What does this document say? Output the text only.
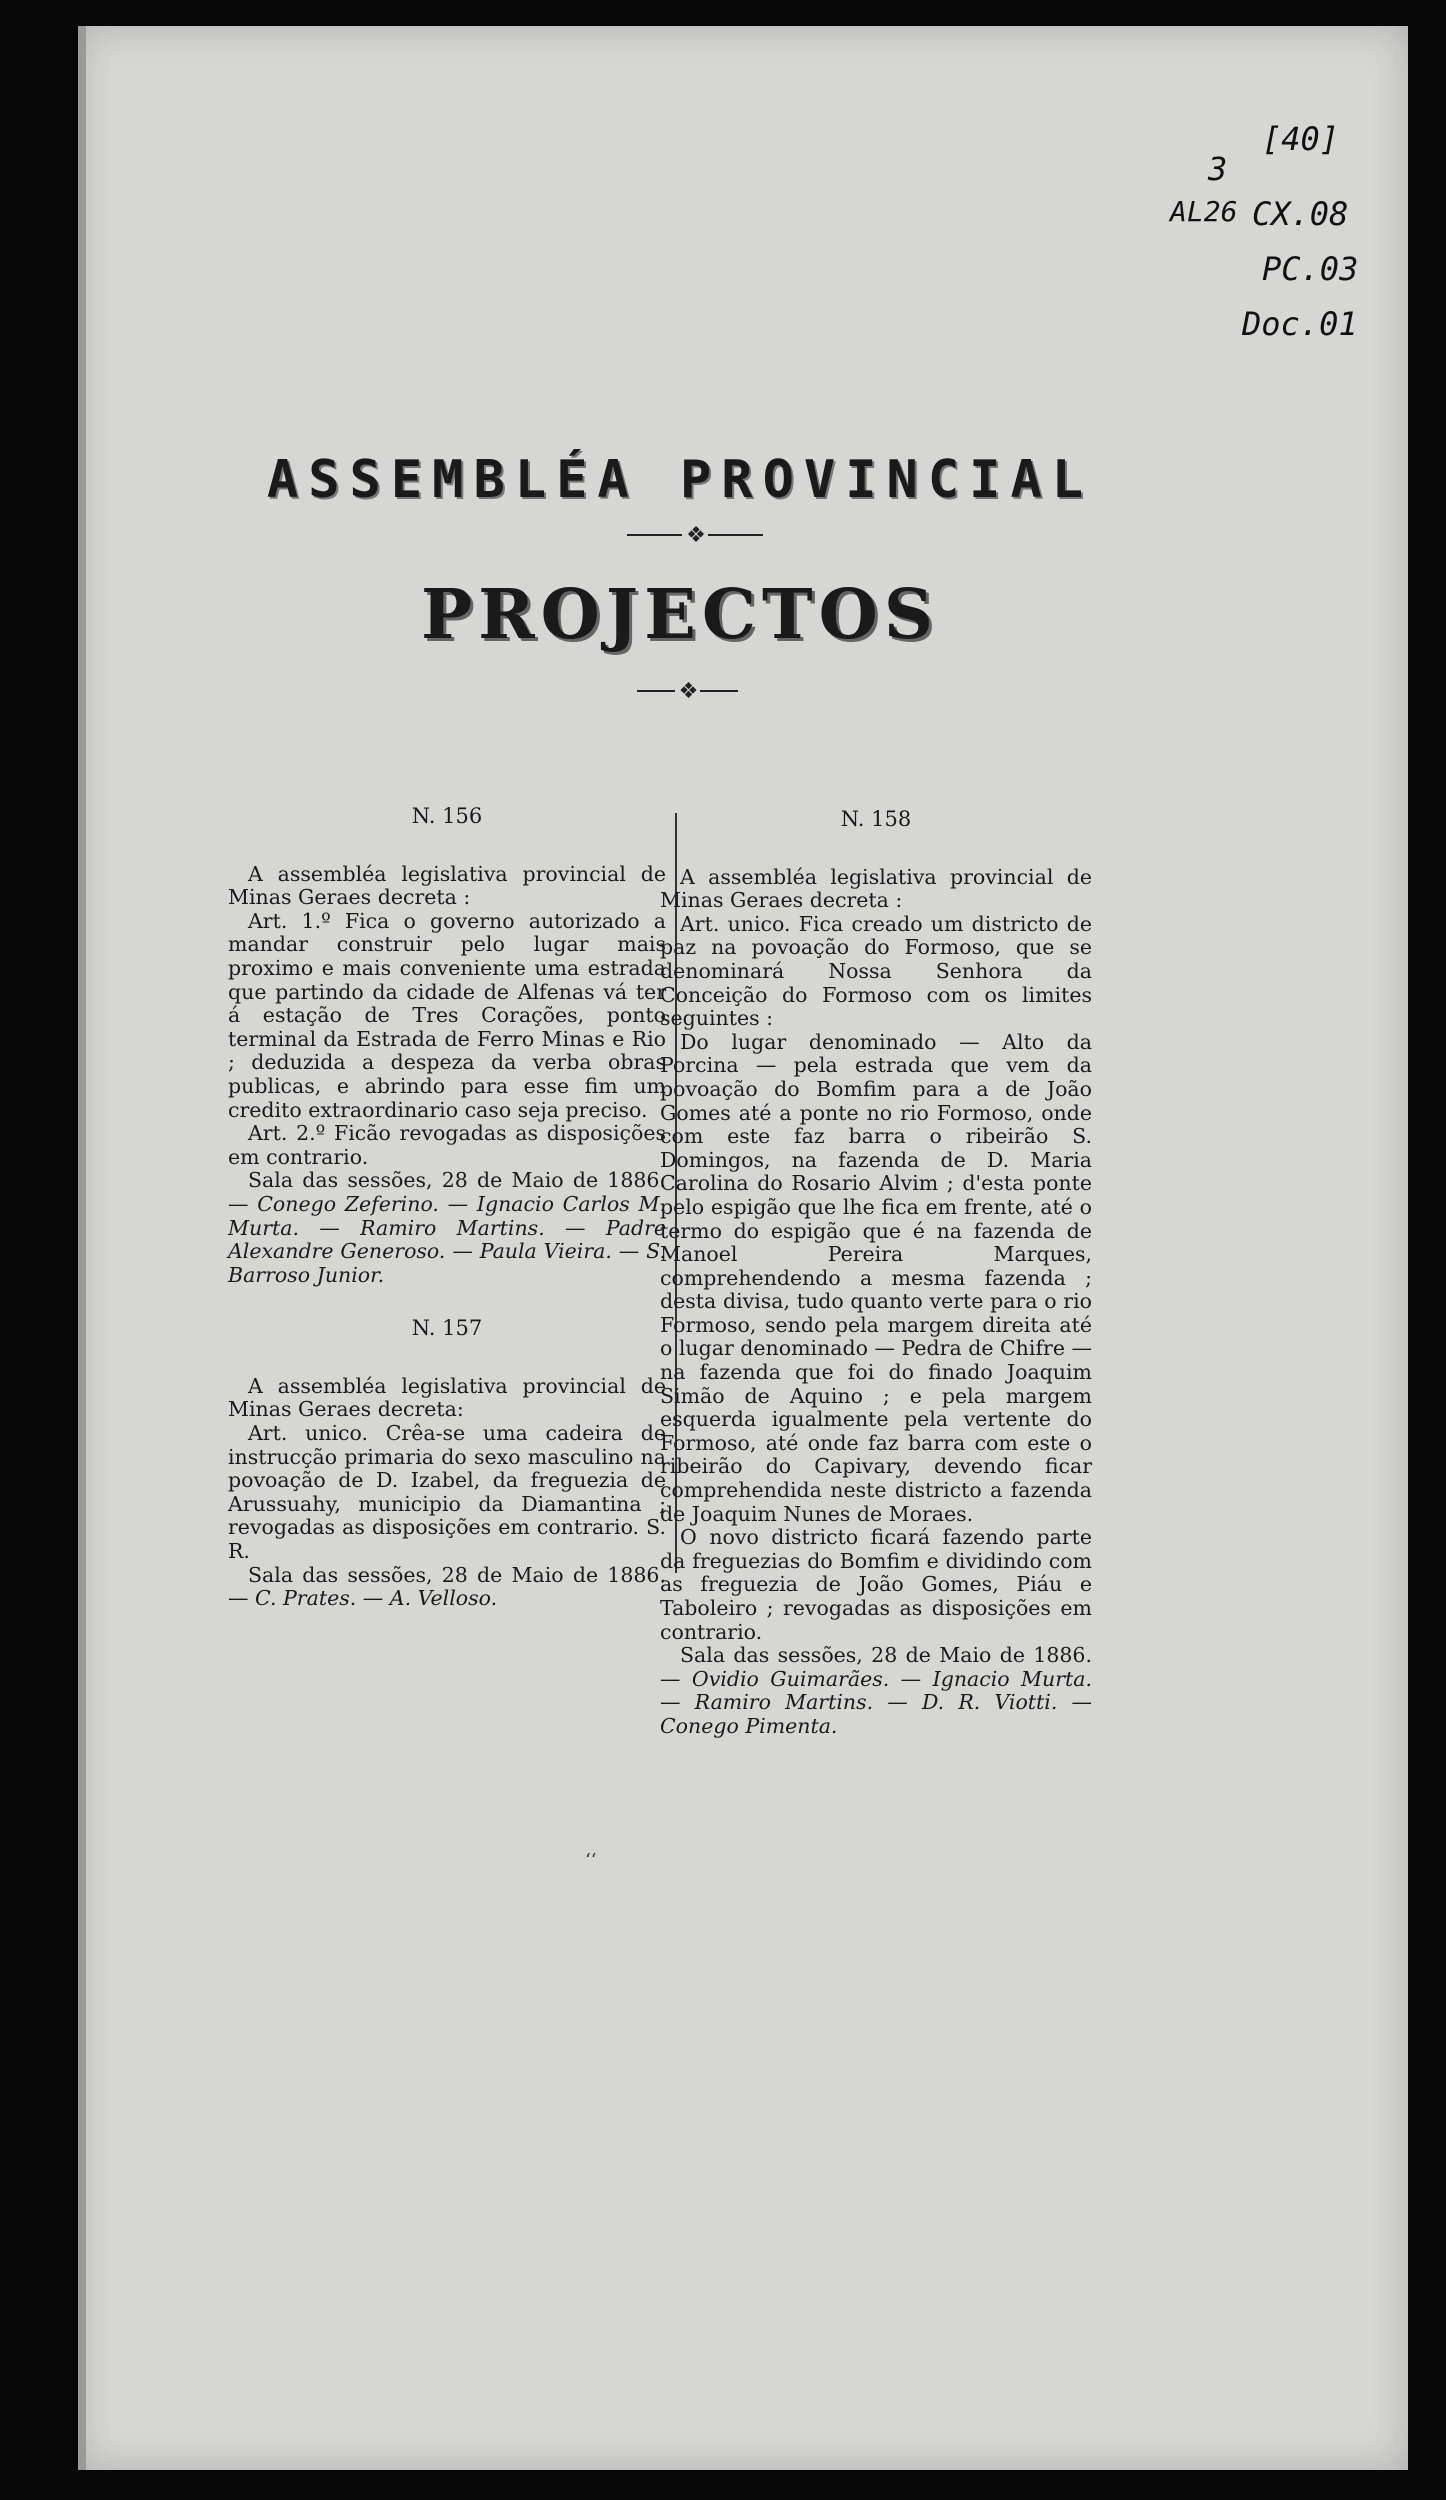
[40]
3
AL26 CX.08
PC.03
Doc.01
ASSEMBLÉA PROVINCIAL
❖
PROJECTOS
❖

N. 156

A assembléa legislativa provincial de Minas Geraes decreta :

Art. 1.º Fica o governo autorizado a mandar construir pelo lugar mais proximo e mais conveniente uma estrada que partindo da cidade de Alfenas vá ter á estação de Tres Corações, ponto terminal da Estrada de Ferro Minas e Rio ; deduzida a despeza da verba obras publicas, e abrindo para esse fim um credito extraordinario caso seja preciso.

Art. 2.º Ficão revogadas as disposições em contrario.

Sala das sessões, 28 de Maio de 1886. — Conego Zeferino. — Ignacio Carlos M. Murta. — Ramiro Martins. — Padre Alexandre Generoso. — Paula Vieira. — S. Barroso Junior.

N. 157

A assembléa legislativa provincial de Minas Geraes decreta:

Art. unico. Crêa-se uma cadeira de instrucção primaria do sexo masculino na povoação de D. Izabel, da freguezia de Arussuahy, municipio da Diamantina ; revogadas as disposições em contrario. S. R.

Sala das sessões, 28 de Maio de 1886. — C. Prates. — A. Velloso.

N. 158

A assembléa legislativa provincial de Minas Geraes decreta :

Art. unico. Fica creado um districto de paz na povoação do Formoso, que se denominará Nossa Senhora da Conceição do Formoso com os limites seguintes :

Do lugar denominado — Alto da Porcina — pela estrada que vem da povoação do Bomfim para a de João Gomes até a ponte no rio Formoso, onde com este faz barra o ribeirão S. Domingos, na fazenda de D. Maria Carolina do Rosario Alvim ; d'esta ponte pelo espigão que lhe fica em frente, até o termo do espigão que é na fazenda de Manoel Pereira Marques, comprehendendo a mesma fazenda ; desta divisa, tudo quanto verte para o rio Formoso, sendo pela margem direita até o lugar denominado — Pedra de Chifre — na fazenda que foi do finado Joaquim Simão de Aquino ; e pela margem esquerda igualmente pela vertente do Formoso, até onde faz barra com este o ribeirão do Capivary, devendo ficar comprehendida neste districto a fazenda de Joaquim Nunes de Moraes.

O novo districto ficará fazendo parte da freguezias do Bomfim e dividindo com as freguezia de João Gomes, Piáu e Taboleiro ; revogadas as disposições em contrario.

Sala das sessões, 28 de Maio de 1886. — Ovidio Guimarães. — Ignacio Murta. — Ramiro Martins. — D. R. Viotti. — Conego Pimenta.

‘‘
